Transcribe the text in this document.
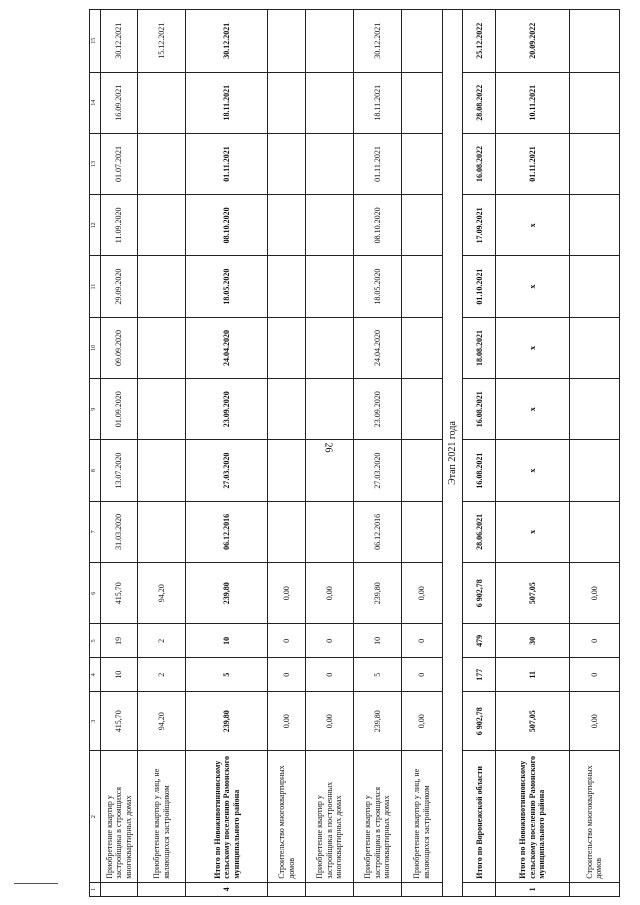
26
1	2	3	4	5	6	7	8	9	10	11	12	13	14	15
	Приобретение квартир у застройщика в строящихся многоквартирных домах	415,70	10	19	415,70	31.03.2020	13.07.2020	01.09.2020	09.09.2020	29.09.2020	11.09.2020	01.07.2021	16.09.2021	30.12.2021
	Приобретение квартир у лиц, не являющихся застройщиком	94,20	2	2	94,20									15.12.2021
4	Итого по Новоживотинновскому сельскому поселению Рамонского муниципального района	239,80	5	10	239,80	06.12.2016	27.03.2020	23.09.2020	24.04.2020	18.05.2020	08.10.2020	01.11.2021	18.11.2021	30.12.2021
	Строительство многоквартирных домов	0,00	0	0	0,00									
	Приобретение квартир у застройщика в построенных многоквартирных домах	0,00	0	0	0,00									
	Приобретение квартир у застройщика в строящихся многоквартирных домах	239,80	5	10	239,80	06.12.2016	27.03.2020	23.09.2020	24.04.2020	18.05.2020	08.10.2020	01.11.2021	18.11.2021	30.12.2021
	Приобретение квартир у лиц, не являющихся застройщиком	0,00	0	0	0,00									
Этап 2021 года														
	Итого по Воронежской области	6 902,78	177	479	6 902,78	28.06.2021	16.08.2021	16.08.2021	18.08.2021	01.10.2021	17.09.2021	16.08.2022	28.08.2022	25.12.2022
1	Итого по Новоживотинновскому сельскому поселению Рамонского муниципального района	507,05	11	30	507,05	x	x	x	x	x	x	01.11.2021	10.11.2021	20.09.2022
	Строительство многоквартирных домов	0,00	0	0	0,00									
